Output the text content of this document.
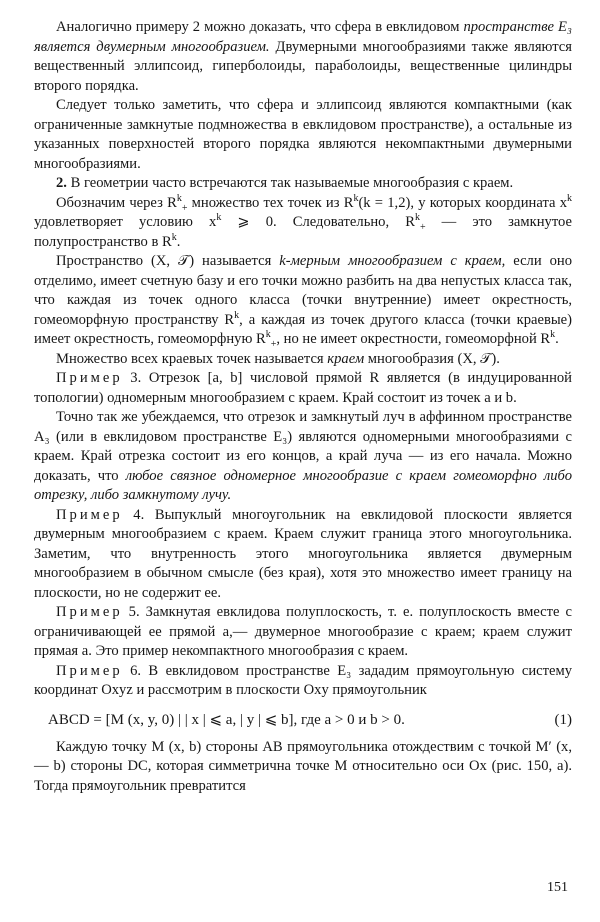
Аналогично примеру 2 можно доказать, что сфера в евклидовом пространстве E₃ является двумерным многообразием. Двумерными многообразиями также являются вещественный эллипсоид, гиперболоиды, параболоиды, вещественные цилиндры второго порядка.

Следует только заметить, что сфера и эллипсоид являются компактными (как ограниченные замкнутые подмножества в евклидовом пространстве), а остальные из указанных поверхностей второго порядка являются некомпактными двумерными многообразиями.

2. В геометрии часто встречаются так называемые многообразия с краем.

Обозначим через $R^k_+$ множество тех точек из $R^k(k = 1,2)$, у которых координата $x^k$ удовлетворяет условию $x^k$ ⩾ 0. Следовательно, $R^k_+$ — это замкнутое полупространство в $R^k$.

Пространство (X, 𝒯) называется k-мерным многообразием с краем, если оно отделимо, имеет счетную базу и его точки можно разбить на два непустых класса так, что каждая из точек одного класса (точки внутренние) имеет окрестность, гомеоморфную пространству $R^k$, а каждая из точек другого класса (точки краевые) имеет окрестность, гомеоморфную $R^k_+$, но не имеет окрестности, гомеоморфной $R^k$.

Множество всех краевых точек называется краем многообразия (X, 𝒯).

Пример 3. Отрезок [a, b] числовой прямой R является (в индуцированной топологии) одномерным многообразием с краем. Край состоит из точек a и b.

Точно так же убеждаемся, что отрезок и замкнутый луч в аффинном пространстве A₃ (или в евклидовом пространстве E₃) являются одномерными многообразиями с краем. Край отрезка состоит из его концов, а край луча — из его начала. Можно доказать, что любое связное одномерное многообразие с краем гомеоморфно либо отрезку, либо замкнутому лучу.

Пример 4. Выпуклый многоугольник на евклидовой плоскости является двумерным многообразием с краем. Краем служит граница этого многоугольника. Заметим, что внутренность этого многоугольника является двумерным многообразием в обычном смысле (без края), хотя это множество имеет границу на плоскости, но не содержит ее.

Пример 5. Замкнутая евклидова полуплоскость, т. е. полуплоскость вместе с ограничивающей ее прямой a,— двумерное многообразие с краем; краем служит прямая a. Это пример некомпактного многообразия с краем.

Пример 6. В евклидовом пространстве E₃ зададим прямоугольную систему координат Oxyz и рассмотрим в плоскости Oxy прямоугольник

ABCD = [M (x, y, 0) | | x | ⩽ a, | y | ⩽ b], где a > 0 и b > 0.	(1)

Каждую точку M (x, b) стороны AB прямоугольника отождествим с точкой M′ (x, — b) стороны DC, которая симметрична точке M относительно оси Ox (рис. 150, a). Тогда прямоугольник превратится

151
